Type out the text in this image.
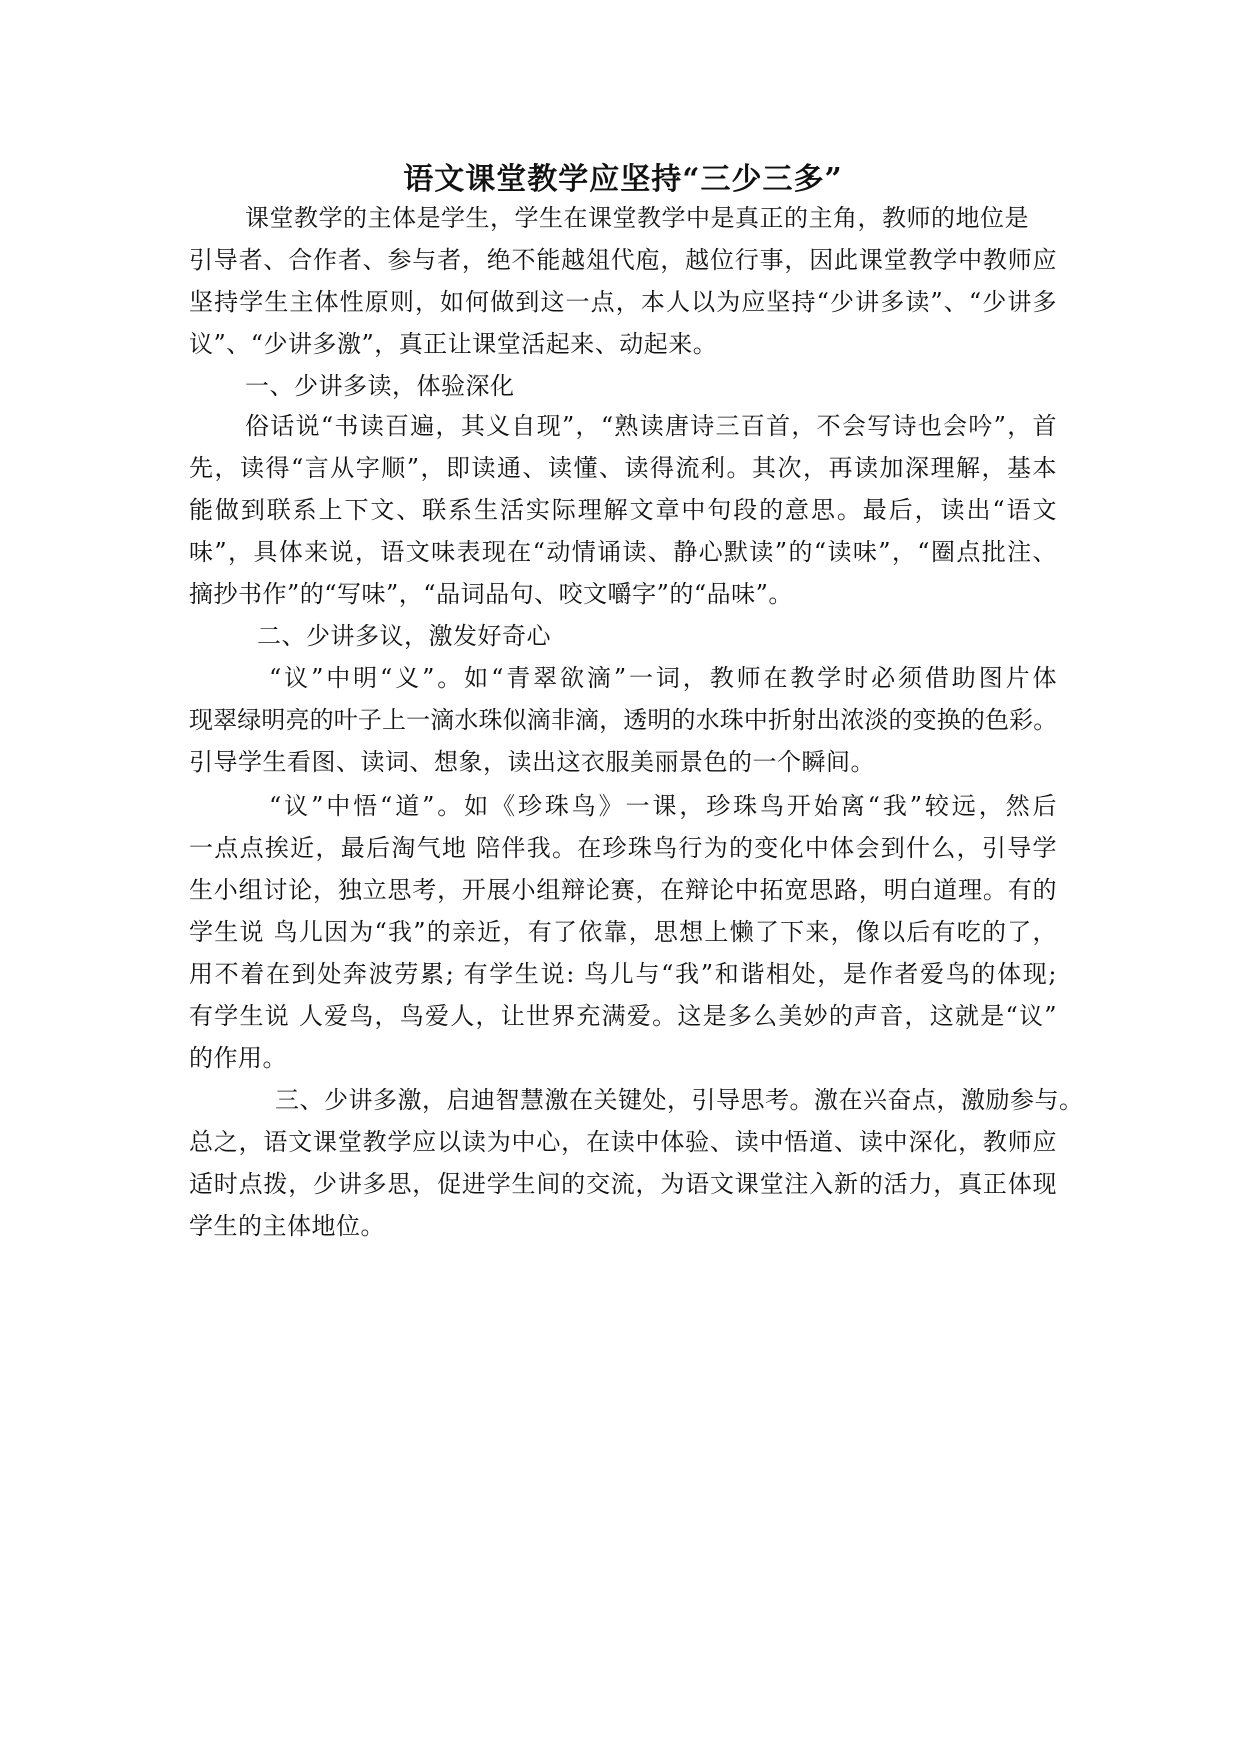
语文课堂教学应坚持“三少三多”
课堂教学的主体是学生，学生在课堂教学中是真正的主角，教师的地位是
引导者、合作者、参与者，绝不能越俎代庖，越位行事，因此课堂教学中教师应
坚持学生主体性原则，如何做到这一点，本人以为应坚持“少讲多读”、“少讲多
议”、“少讲多激”，真正让课堂活起来、动起来。
一、少讲多读，体验深化
俗话说“书读百遍，其义自现”，“熟读唐诗三百首，不会写诗也会吟”，首
先，读得“言从字顺”，即读通、读懂、读得流利。其次，再读加深理解，基本
能做到联系上下文、联系生活实际理解文章中句段的意思。最后，读出“语文
味”，具体来说，语文味表现在“动情诵读、静心默读”的“读味”，“圈点批注、
摘抄书作”的“写味”，“品词品句、咬文嚼字”的“品味”。
二、少讲多议，激发好奇心
“议”中明“义”。如“青翠欲滴”一词，教师在教学时必须借助图片体
现翠绿明亮的叶子上一滴水珠似滴非滴，透明的水珠中折射出浓淡的变换的色彩。
引导学生看图、读词、想象，读出这衣服美丽景色的一个瞬间。
“议”中悟“道”。如《珍珠鸟》一课，珍珠鸟开始离“我”较远，然后
一点点挨近，最后淘气地 陪伴我。在珍珠鸟行为的变化中体会到什么，引导学
生小组讨论，独立思考，开展小组辩论赛，在辩论中拓宽思路，明白道理。有的
学生说 鸟儿因为“我”的亲近，有了依靠，思想上懒了下来，像以后有吃的了，
用不着在到处奔波劳累; 有学生说: 鸟儿与“我”和谐相处，是作者爱鸟的体现;
有学生说 人爱鸟，鸟爱人，让世界充满爱。这是多么美妙的声音，这就是“议”
的作用。
三、少讲多激，启迪智慧激在关键处，引导思考。激在兴奋点，激励参与。
总之，语文课堂教学应以读为中心，在读中体验、读中悟道、读中深化，教师应
适时点拨，少讲多思，促进学生间的交流，为语文课堂注入新的活力，真正体现
学生的主体地位。
